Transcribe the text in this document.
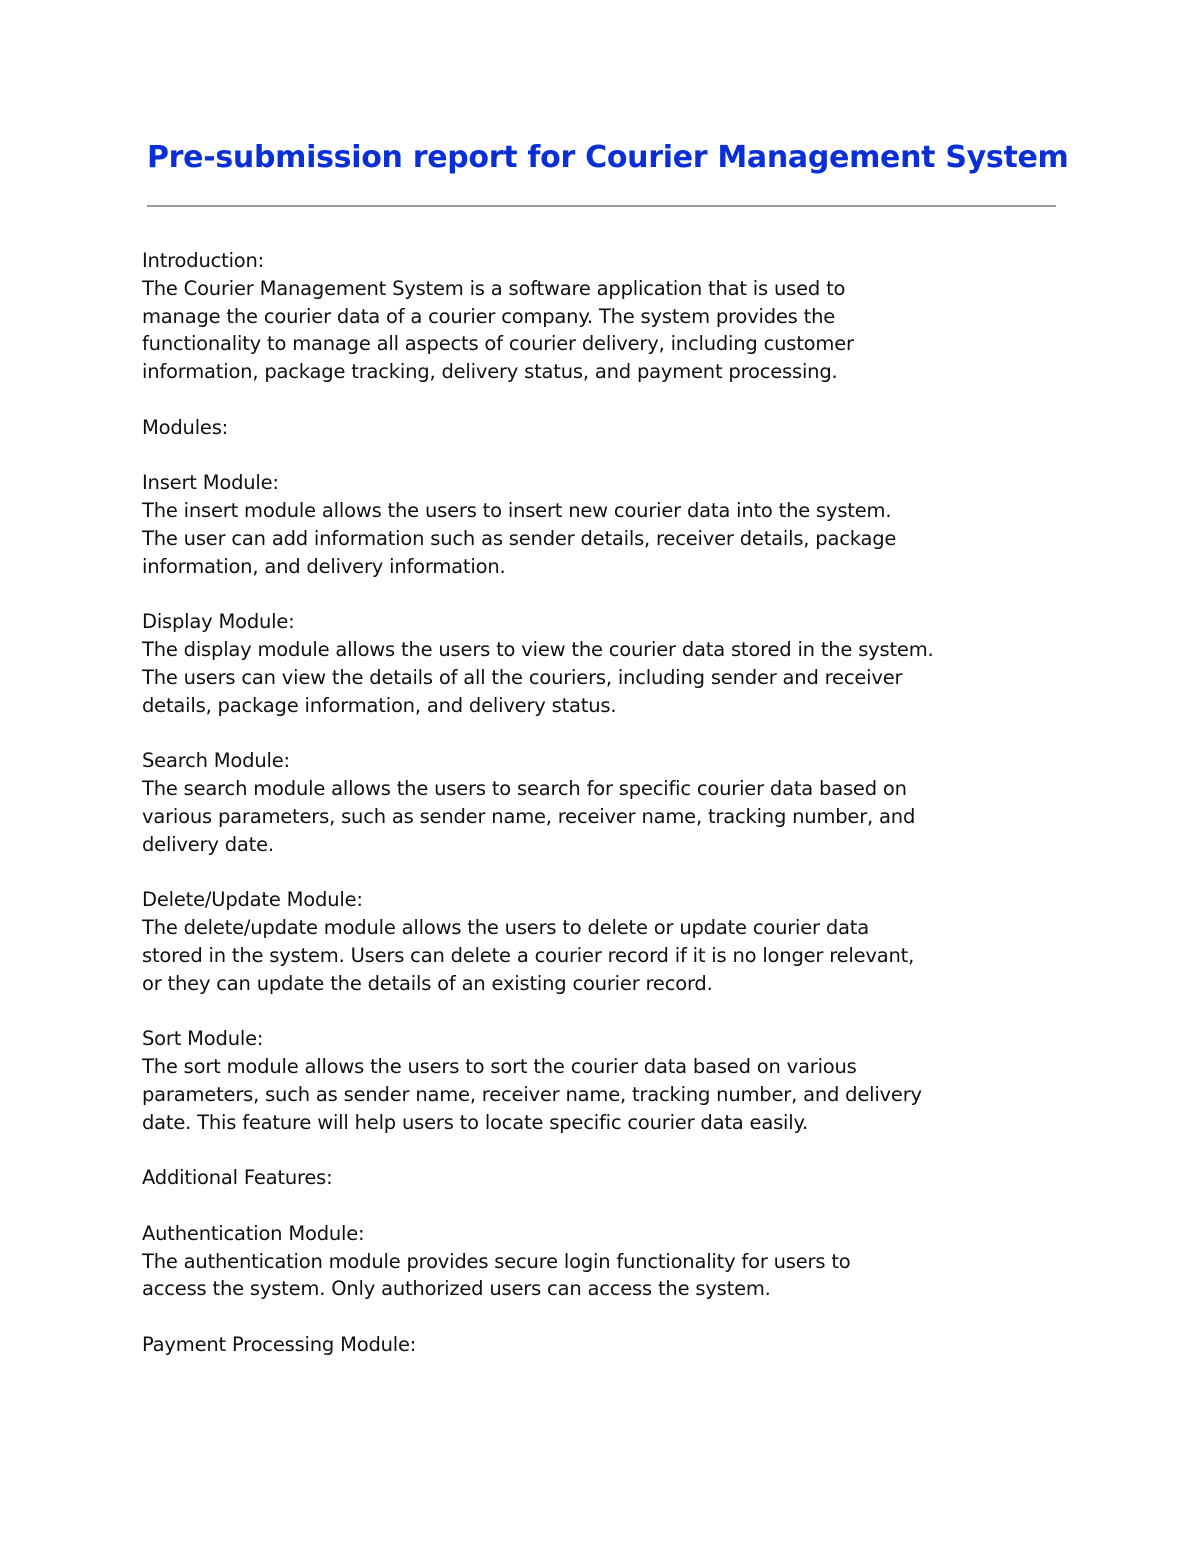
Pre-submission report for Courier Management System
Introduction:
The Courier Management System is a software application that is used to
manage the courier data of a courier company. The system provides the
functionality to manage all aspects of courier delivery, including customer
information, package tracking, delivery status, and payment processing.
Modules:
Insert Module:
The insert module allows the users to insert new courier data into the system.
The user can add information such as sender details, receiver details, package
information, and delivery information.
Display Module:
The display module allows the users to view the courier data stored in the system.
The users can view the details of all the couriers, including sender and receiver
details, package information, and delivery status.
Search Module:
The search module allows the users to search for specific courier data based on
various parameters, such as sender name, receiver name, tracking number, and
delivery date.
Delete/Update Module:
The delete/update module allows the users to delete or update courier data
stored in the system. Users can delete a courier record if it is no longer relevant,
or they can update the details of an existing courier record.
Sort Module:
The sort module allows the users to sort the courier data based on various
parameters, such as sender name, receiver name, tracking number, and delivery
date. This feature will help users to locate specific courier data easily.
Additional Features:
Authentication Module:
The authentication module provides secure login functionality for users to
access the system. Only authorized users can access the system.
Payment Processing Module:
